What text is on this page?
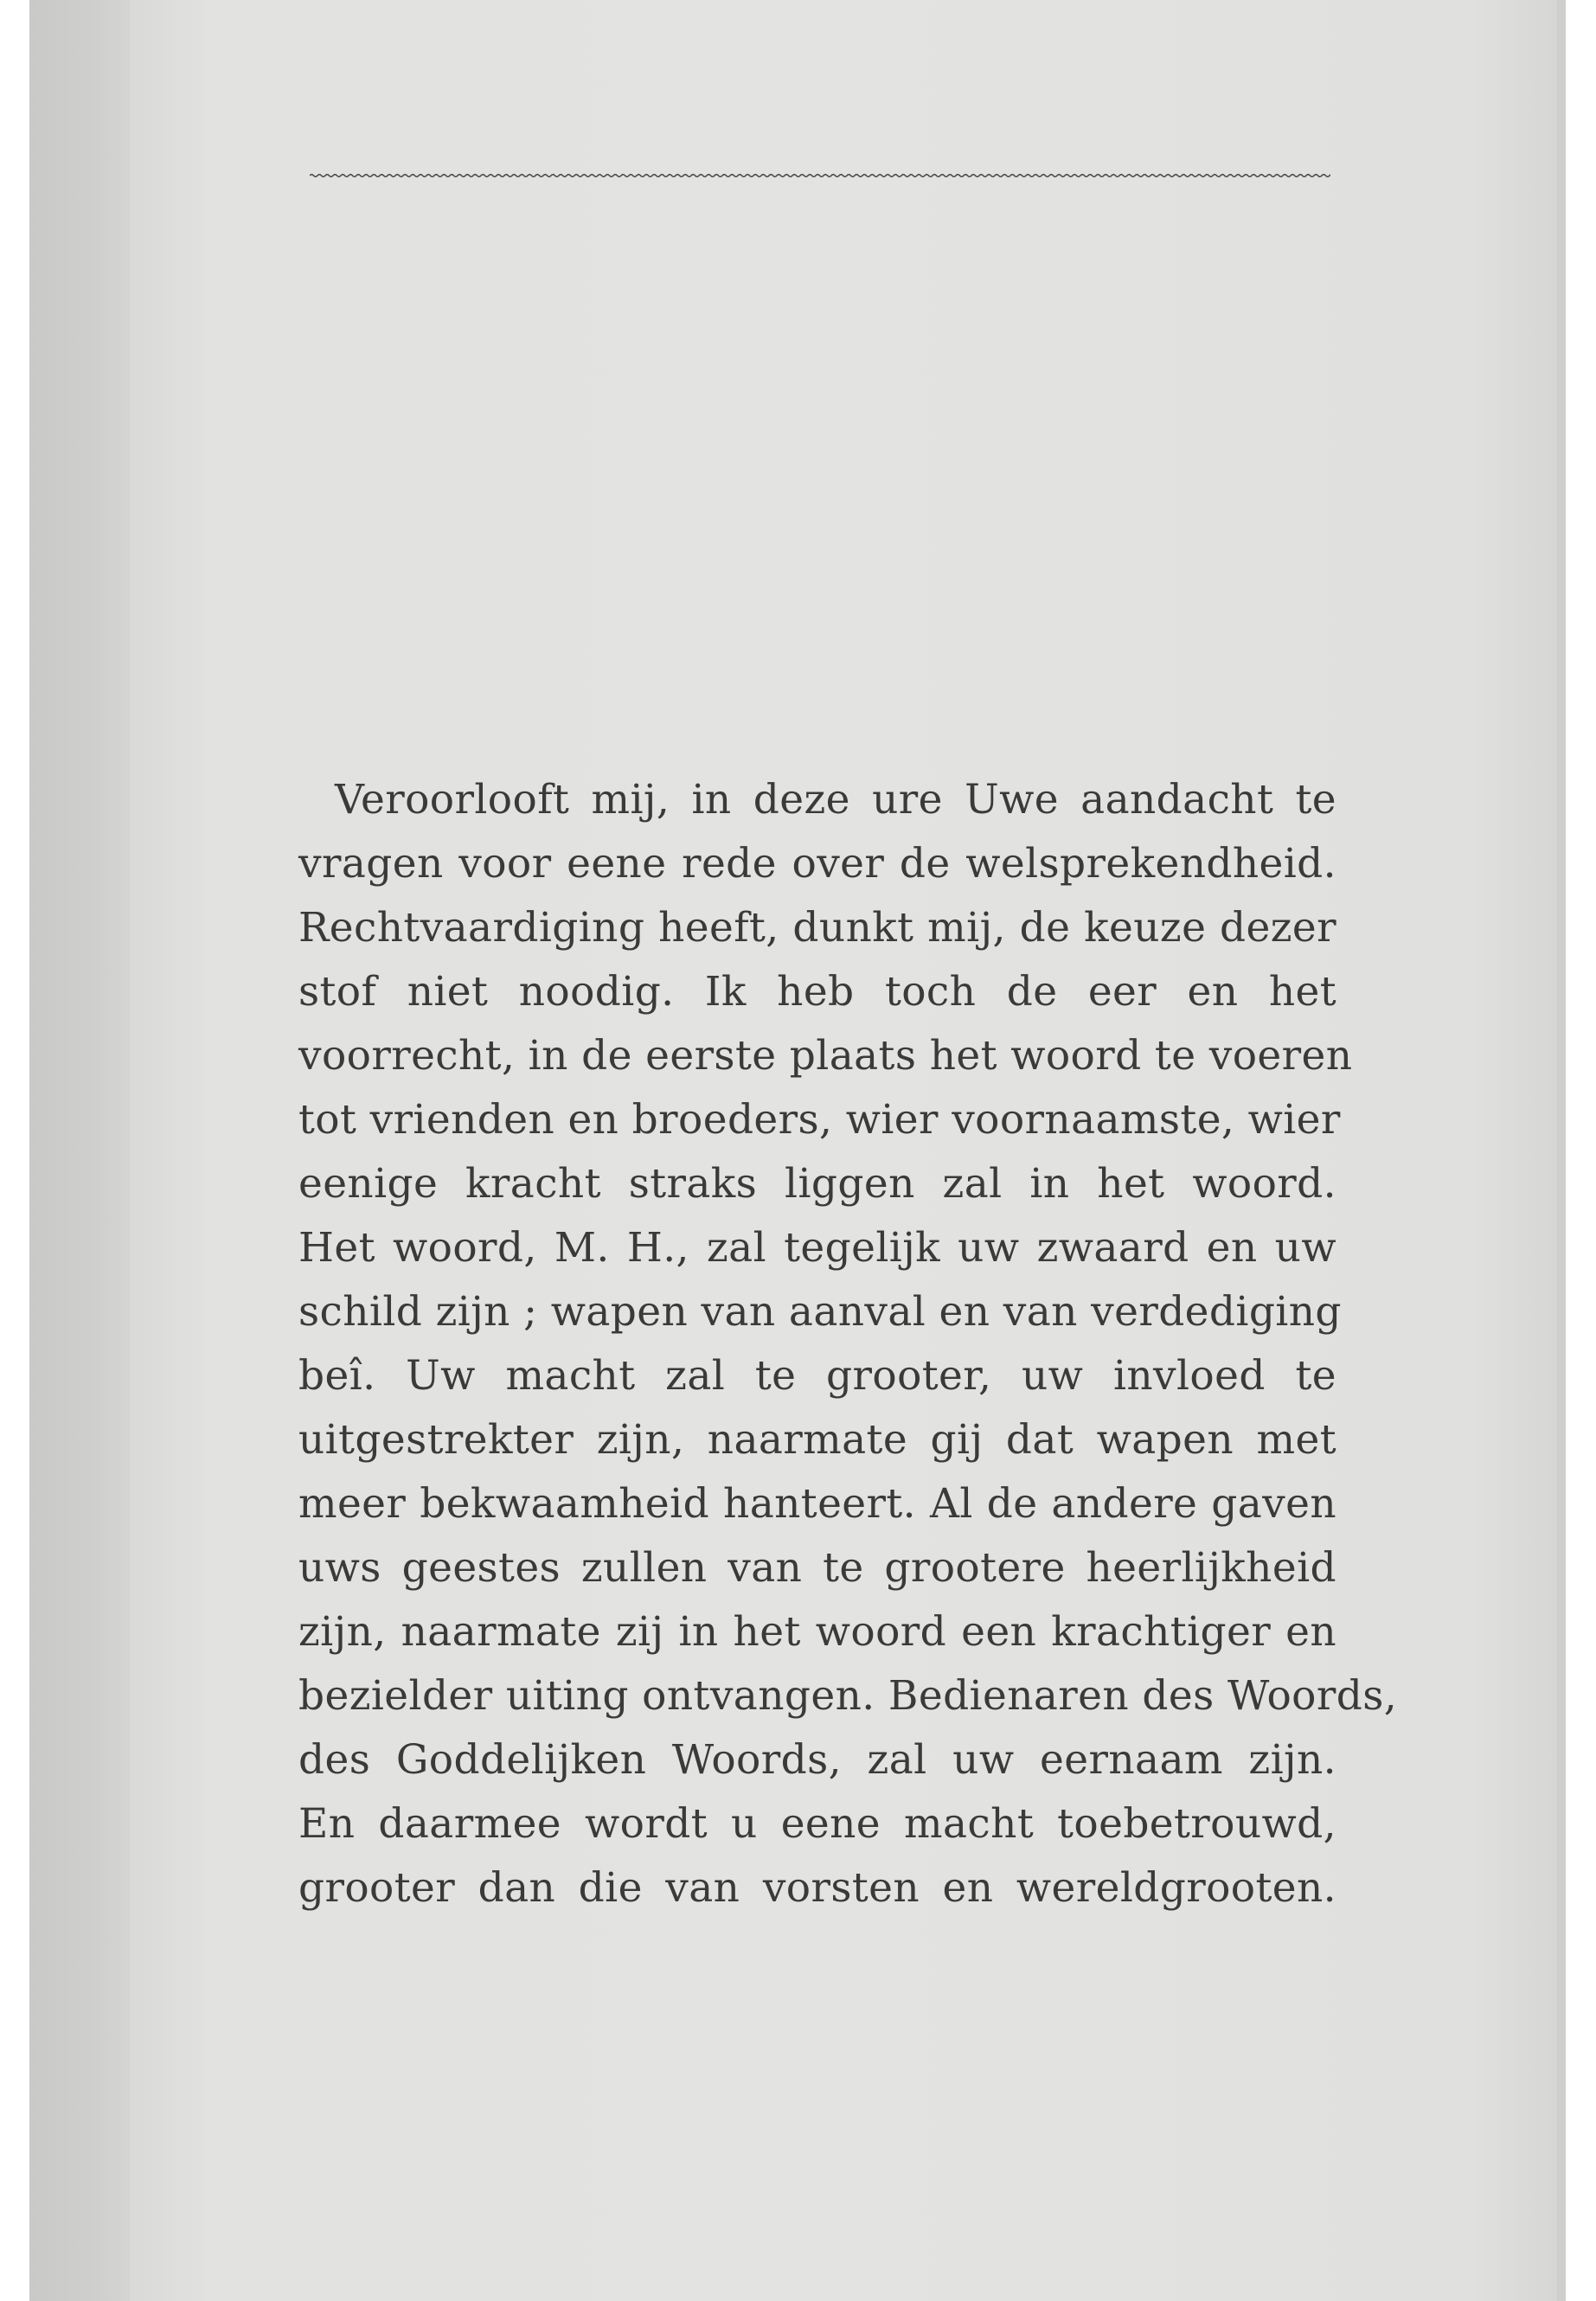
Veroorlooft mij, in deze ure Uwe aandacht te
vragen voor eene rede over de welsprekendheid.
Rechtvaardiging heeft, dunkt mij, de keuze dezer
stof niet noodig. Ik heb toch de eer en het
voorrecht, in de eerste plaats het woord te voeren
tot vrienden en broeders, wier voornaamste, wier
eenige kracht straks liggen zal in het woord.
Het woord, M. H., zal tegelijk uw zwaard en uw
schild zijn ; wapen van aanval en van verdediging
beî. Uw macht zal te grooter, uw invloed te
uitgestrekter zijn, naarmate gij dat wapen met
meer bekwaamheid hanteert. Al de andere gaven
uws geestes zullen van te grootere heerlijkheid
zijn, naarmate zij in het woord een krachtiger en
bezielder uiting ontvangen. Bedienaren des Woords,
des Goddelijken Woords, zal uw eernaam zijn.
En daarmee wordt u eene macht toebetrouwd,
grooter dan die van vorsten en wereldgrooten.
